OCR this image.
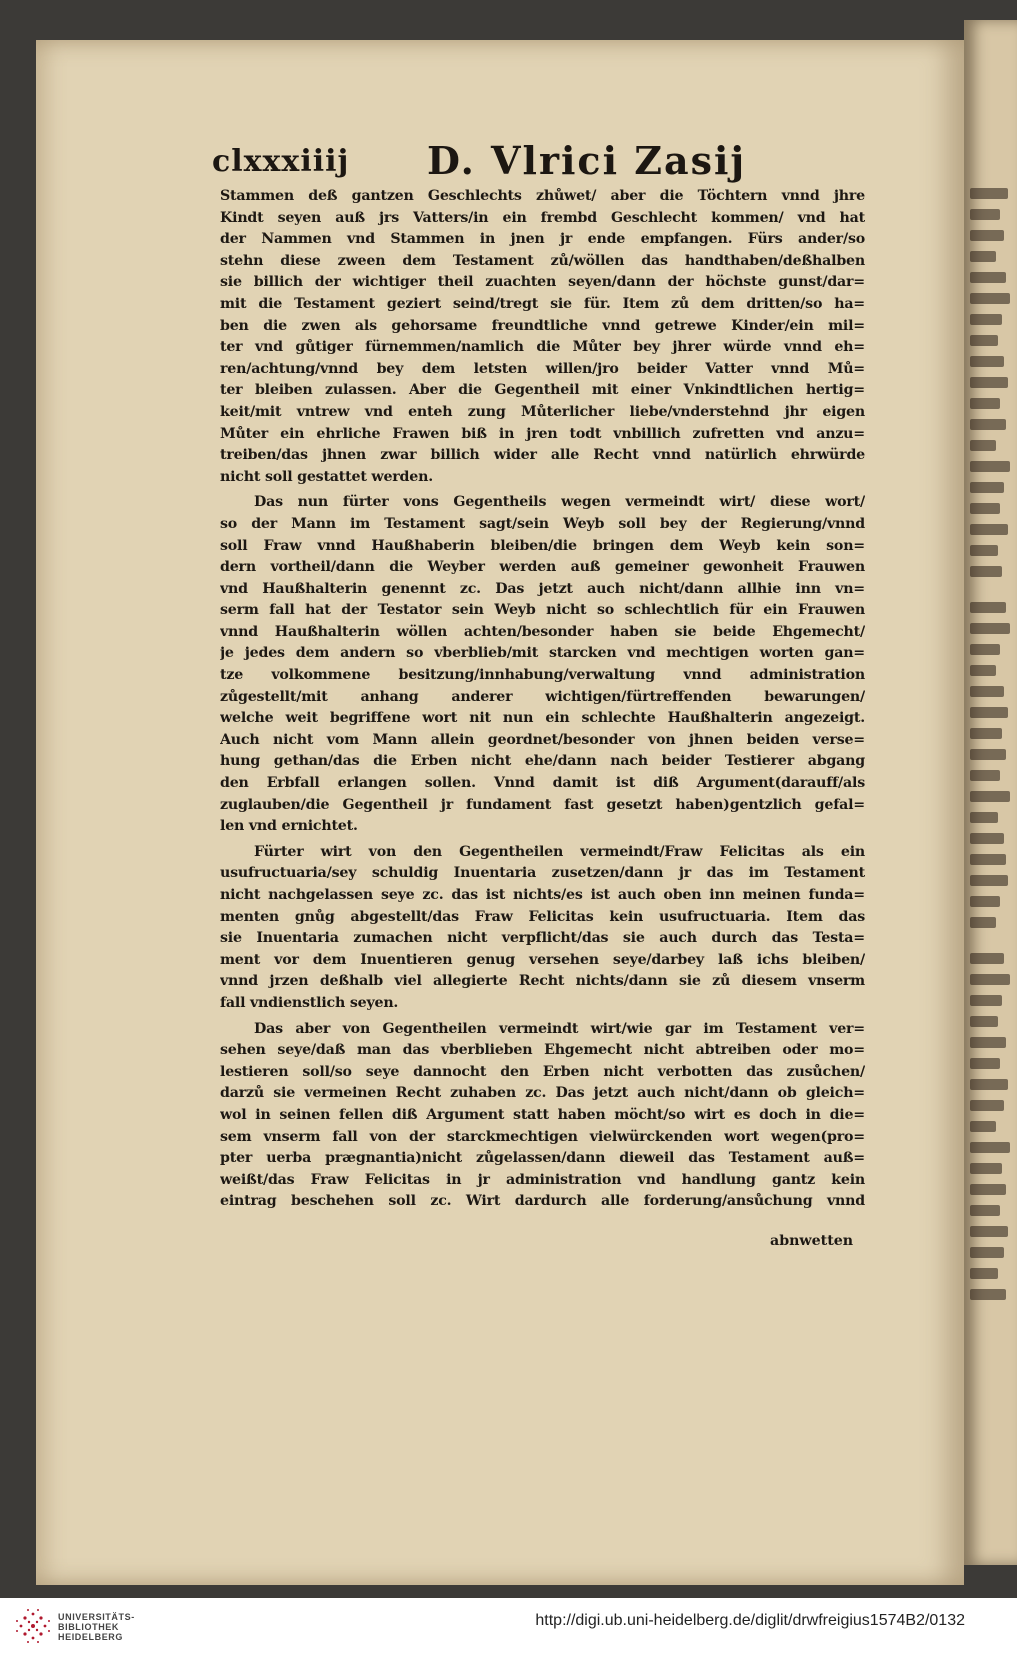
clxxxiiij D. Vlrici Zasij
Stammen deß gantzen Geschlechts zhůwet/ aber die Töchtern vnnd jhre
Kindt seyen auß jrs Vatters/in ein frembd Geschlecht kommen/ vnd hat
der Nammen vnd Stammen in jnen jr ende empfangen. Fürs ander/so
stehn diese zween dem Testament zů/wöllen das handthaben/deßhalben
sie billich der wichtiger theil zuachten seyen/dann der höchste gunst/dar=
mit die Testament geziert seind/tregt sie für. Item zů dem dritten/so ha=
ben die zwen als gehorsame freundtliche vnnd getrewe Kinder/ein mil=
ter vnd gůtiger fürnemmen/namlich die Můter bey jhrer würde vnnd eh=
ren/achtung/vnnd bey dem letsten willen/jro beider Vatter vnnd Mů=
ter bleiben zulassen. Aber die Gegentheil mit einer Vnkindtlichen hertig=
keit/mit vntrew vnd enteh zung Můterlicher liebe/vnderstehnd jhr eigen
Můter ein ehrliche Frawen biß in jren todt vnbillich zufretten vnd anzu=
treiben/das jhnen zwar billich wider alle Recht vnnd natürlich ehrwürde
nicht soll gestattet werden.
Das nun fürter vons Gegentheils wegen vermeindt wirt/ diese wort/
so der Mann im Testament sagt/sein Weyb soll bey der Regierung/vnnd
soll Fraw vnnd Haußhaberin bleiben/die bringen dem Weyb kein son=
dern vortheil/dann die Weyber werden auß gemeiner gewonheit Frauwen
vnd Haußhalterin genennt zc. Das jetzt auch nicht/dann allhie inn vn=
serm fall hat der Testator sein Weyb nicht so schlechtlich für ein Frauwen
vnnd Haußhalterin wöllen achten/besonder haben sie beide Ehgemecht/
je jedes dem andern so vberblieb/mit starcken vnd mechtigen worten gan=
tze volkommene besitzung/innhabung/verwaltung vnnd administration
zůgestellt/mit anhang anderer wichtigen/fürtreffenden bewarungen/
welche weit begriffene wort nit nun ein schlechte Haußhalterin angezeigt.
Auch nicht vom Mann allein geordnet/besonder von jhnen beiden verse=
hung gethan/das die Erben nicht ehe/dann nach beider Testierer abgang
den Erbfall erlangen sollen. Vnnd damit ist diß Argument(darauff/als
zuglauben/die Gegentheil jr fundament fast gesetzt haben)gentzlich gefal=
len vnd ernichtet.
Fürter wirt von den Gegentheilen vermeindt/Fraw Felicitas als ein
usufructuaria/sey schuldig Inuentaria zusetzen/dann jr das im Testament
nicht nachgelassen seye zc. das ist nichts/es ist auch oben inn meinen funda=
menten gnůg abgestellt/das Fraw Felicitas kein usufructuaria. Item das
sie Inuentaria zumachen nicht verpflicht/das sie auch durch das Testa=
ment vor dem Inuentieren genug versehen seye/darbey laß ichs bleiben/
vnnd jrzen deßhalb viel allegierte Recht nichts/dann sie zů diesem vnserm
fall vndienstlich seyen.
Das aber von Gegentheilen vermeindt wirt/wie gar im Testament ver=
sehen seye/daß man das vberblieben Ehgemecht nicht abtreiben oder mo=
lestieren soll/so seye dannocht den Erben nicht verbotten das zusůchen/
darzů sie vermeinen Recht zuhaben zc. Das jetzt auch nicht/dann ob gleich=
wol in seinen fellen diß Argument statt haben möcht/so wirt es doch in die=
sem vnserm fall von der starckmechtigen vielwürckenden wort wegen(pro=
pter uerba prægnantia)nicht zůgelassen/dann dieweil das Testament auß=
weißt/das Fraw Felicitas in jr administration vnd handlung gantz kein
eintrag beschehen soll zc. Wirt dardurch alle forderung/ansůchung vnnd
abnwetten
UNIVERSITÄTS-
BIBLIOTHEK
HEIDELBERG
http://digi.ub.uni-heidelberg.de/diglit/drwfreigius1574B2/0132
